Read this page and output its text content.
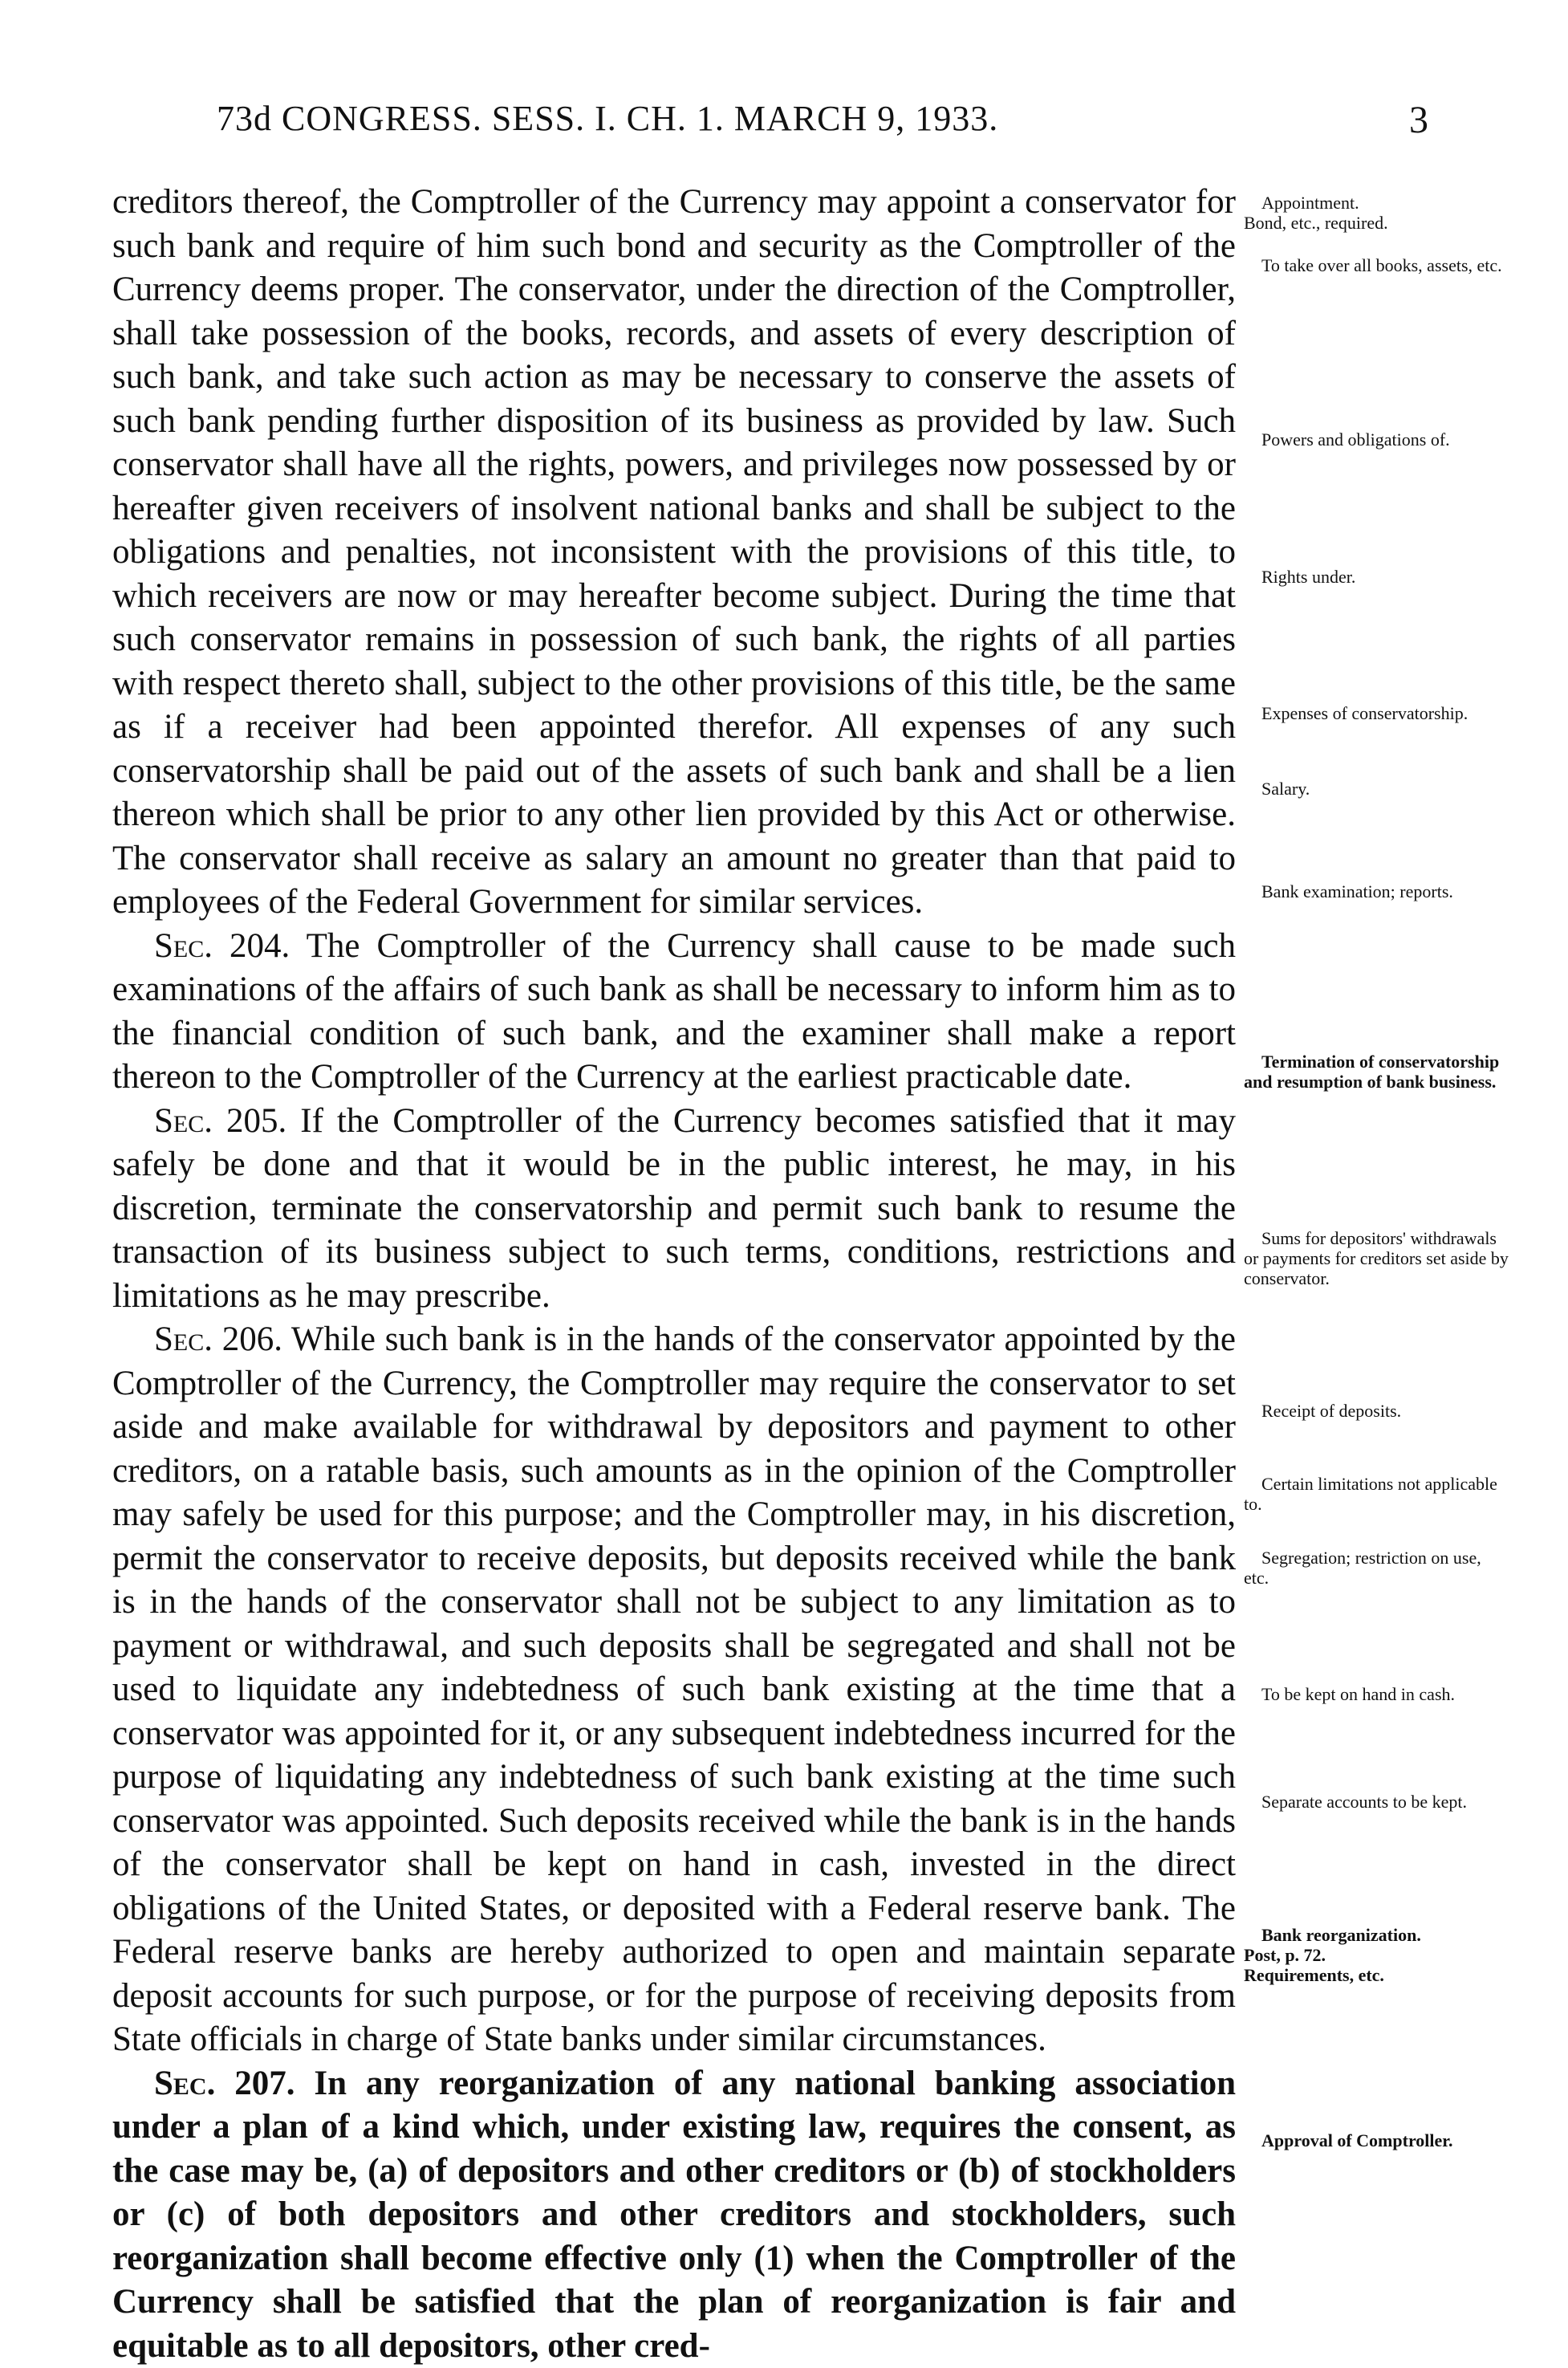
73d CONGRESS. SESS. I. CH. 1. MARCH 9, 1933.	3

creditors thereof, the Comptroller of the Currency may appoint a conservator for such bank and require of him such bond and security as the Comptroller of the Currency deems proper. The conservator, under the direction of the Comptroller, shall take possession of the books, records, and assets of every description of such bank, and take such action as may be necessary to conserve the assets of such bank pending further disposition of its business as provided by law. Such conservator shall have all the rights, powers, and privileges now possessed by or hereafter given receivers of insolvent national banks and shall be subject to the obligations and penalties, not inconsistent with the provisions of this title, to which receivers are now or may hereafter become subject. During the time that such conservator remains in possession of such bank, the rights of all parties with respect thereto shall, subject to the other provisions of this title, be the same as if a receiver had been appointed therefor. All expenses of any such conservatorship shall be paid out of the assets of such bank and shall be a lien thereon which shall be prior to any other lien provided by this Act or otherwise. The conservator shall receive as salary an amount no greater than that paid to employees of the Federal Government for similar services.

Sec. 204. The Comptroller of the Currency shall cause to be made such examinations of the affairs of such bank as shall be necessary to inform him as to the financial condition of such bank, and the examiner shall make a report thereon to the Comptroller of the Currency at the earliest practicable date.

Sec. 205. If the Comptroller of the Currency becomes satisfied that it may safely be done and that it would be in the public interest, he may, in his discretion, terminate the conservatorship and permit such bank to resume the transaction of its business subject to such terms, conditions, restrictions and limitations as he may prescribe.

Sec. 206. While such bank is in the hands of the conservator appointed by the Comptroller of the Currency, the Comptroller may require the conservator to set aside and make available for withdrawal by depositors and payment to other creditors, on a ratable basis, such amounts as in the opinion of the Comptroller may safely be used for this purpose; and the Comptroller may, in his discretion, permit the conservator to receive deposits, but deposits received while the bank is in the hands of the conservator shall not be subject to any limitation as to payment or withdrawal, and such deposits shall be segregated and shall not be used to liquidate any indebtedness of such bank existing at the time that a conservator was appointed for it, or any subsequent indebtedness incurred for the purpose of liquidating any indebtedness of such bank existing at the time such conservator was appointed. Such deposits received while the bank is in the hands of the conservator shall be kept on hand in cash, invested in the direct obligations of the United States, or deposited with a Federal reserve bank. The Federal reserve banks are hereby authorized to open and maintain separate deposit accounts for such purpose, or for the purpose of receiving deposits from State officials in charge of State banks under similar circumstances.

Sec. 207. In any reorganization of any national banking association under a plan of a kind which, under existing law, requires the consent, as the case may be, (a) of depositors and other creditors or (b) of stockholders or (c) of both depositors and other creditors and stockholders, such reorganization shall become effective only (1) when the Comptroller of the Currency shall be satisfied that the plan of reorganization is fair and equitable as to all depositors, other cred-

Appointment.
Bond, etc., required.
To take over all books, assets, etc.
Powers and obligations of.
Rights under.
Expenses of conservatorship.
Salary.
Bank examination; reports.
Termination of conservatorship and resumption of bank business.
Sums for depositors' withdrawals or payments for creditors set aside by conservator.
Receipt of deposits.
Certain limitations not applicable to.
Segregation; restriction on use, etc.
To be kept on hand in cash.
Separate accounts to be kept.
Bank reorganization.
Post, p. 72.
Requirements, etc.
Approval of Comptroller.
